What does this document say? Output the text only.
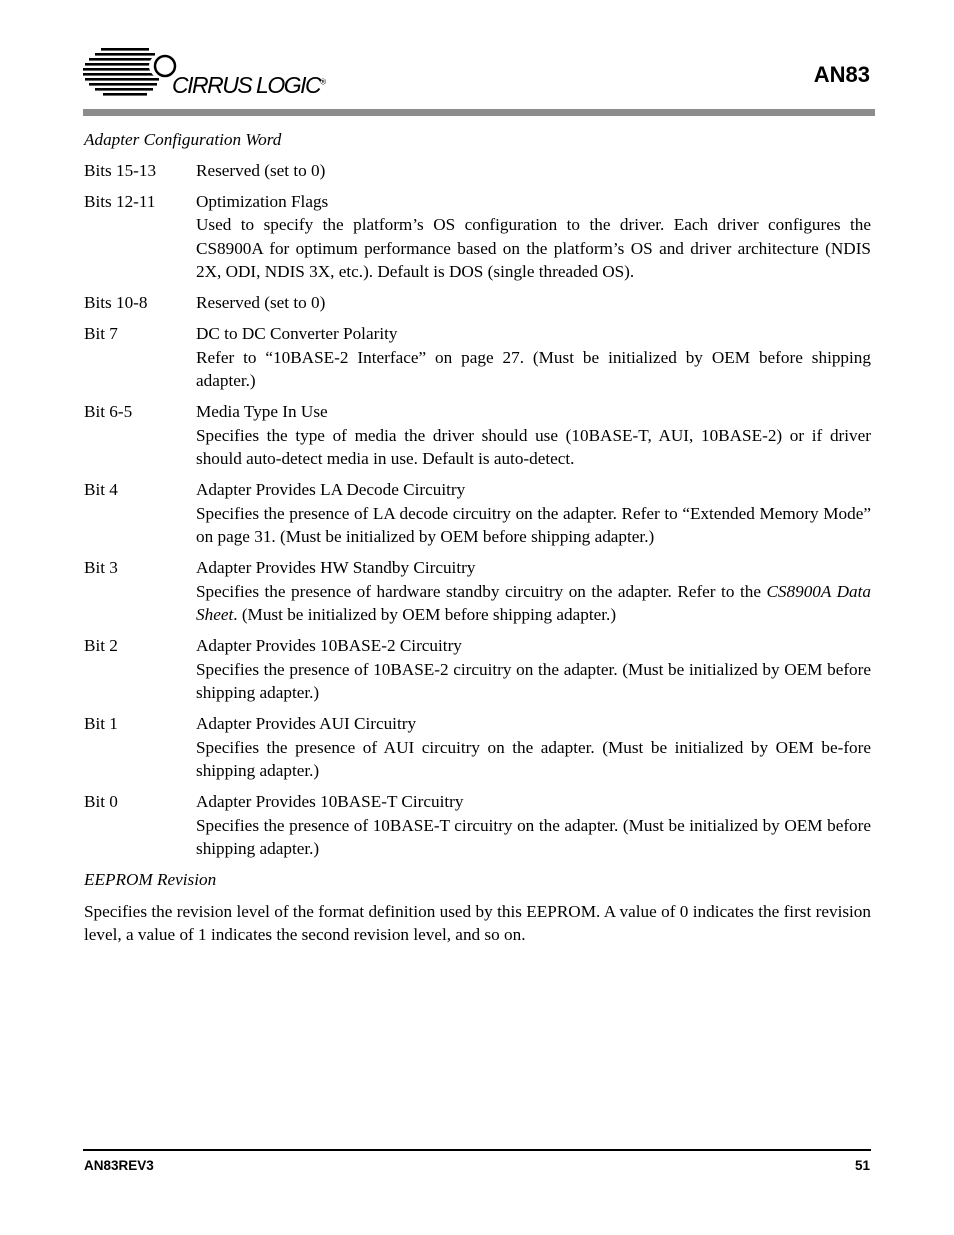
CIRRUS LOGIC®	AN83
Adapter Configuration Word
Bits 15-13	Reserved (set to 0)
Bits 12-11	Optimization Flags
Used to specify the platform’s OS configuration to the driver. Each driver configures the CS8900A for optimum performance based on the platform’s OS and driver architecture (NDIS 2X, ODI, NDIS 3X, etc.). Default is DOS (single threaded OS).
Bits 10-8	Reserved (set to 0)
Bit 7	DC to DC Converter Polarity
Refer to “10BASE-2 Interface” on page 27. (Must be initialized by OEM before shipping adapter.)
Bit 6-5	Media Type In Use
Specifies the type of media the driver should use (10BASE-T, AUI, 10BASE-2) or if driver should auto-detect media in use. Default is auto-detect.
Bit 4	Adapter Provides LA Decode Circuitry
Specifies the presence of LA decode circuitry on the adapter. Refer to “Extended Memory Mode” on page 31. (Must be initialized by OEM before shipping adapter.)
Bit 3	Adapter Provides HW Standby Circuitry
Specifies the presence of hardware standby circuitry on the adapter. Refer to the CS8900A Data Sheet. (Must be initialized by OEM before shipping adapter.)
Bit 2	Adapter Provides 10BASE-2 Circuitry
Specifies the presence of 10BASE-2 circuitry on the adapter. (Must be initialized by OEM before shipping adapter.)
Bit 1	Adapter Provides AUI Circuitry
Specifies the presence of AUI circuitry on the adapter. (Must be initialized by OEM be-fore shipping adapter.)
Bit 0	Adapter Provides 10BASE-T Circuitry
Specifies the presence of 10BASE-T circuitry on the adapter. (Must be initialized by OEM before shipping adapter.)
EEPROM Revision

Specifies the revision level of the format definition used by this EEPROM. A value of 0 indicates the first revision level, a value of 1 indicates the second revision level, and so on.

AN83REV3	51
